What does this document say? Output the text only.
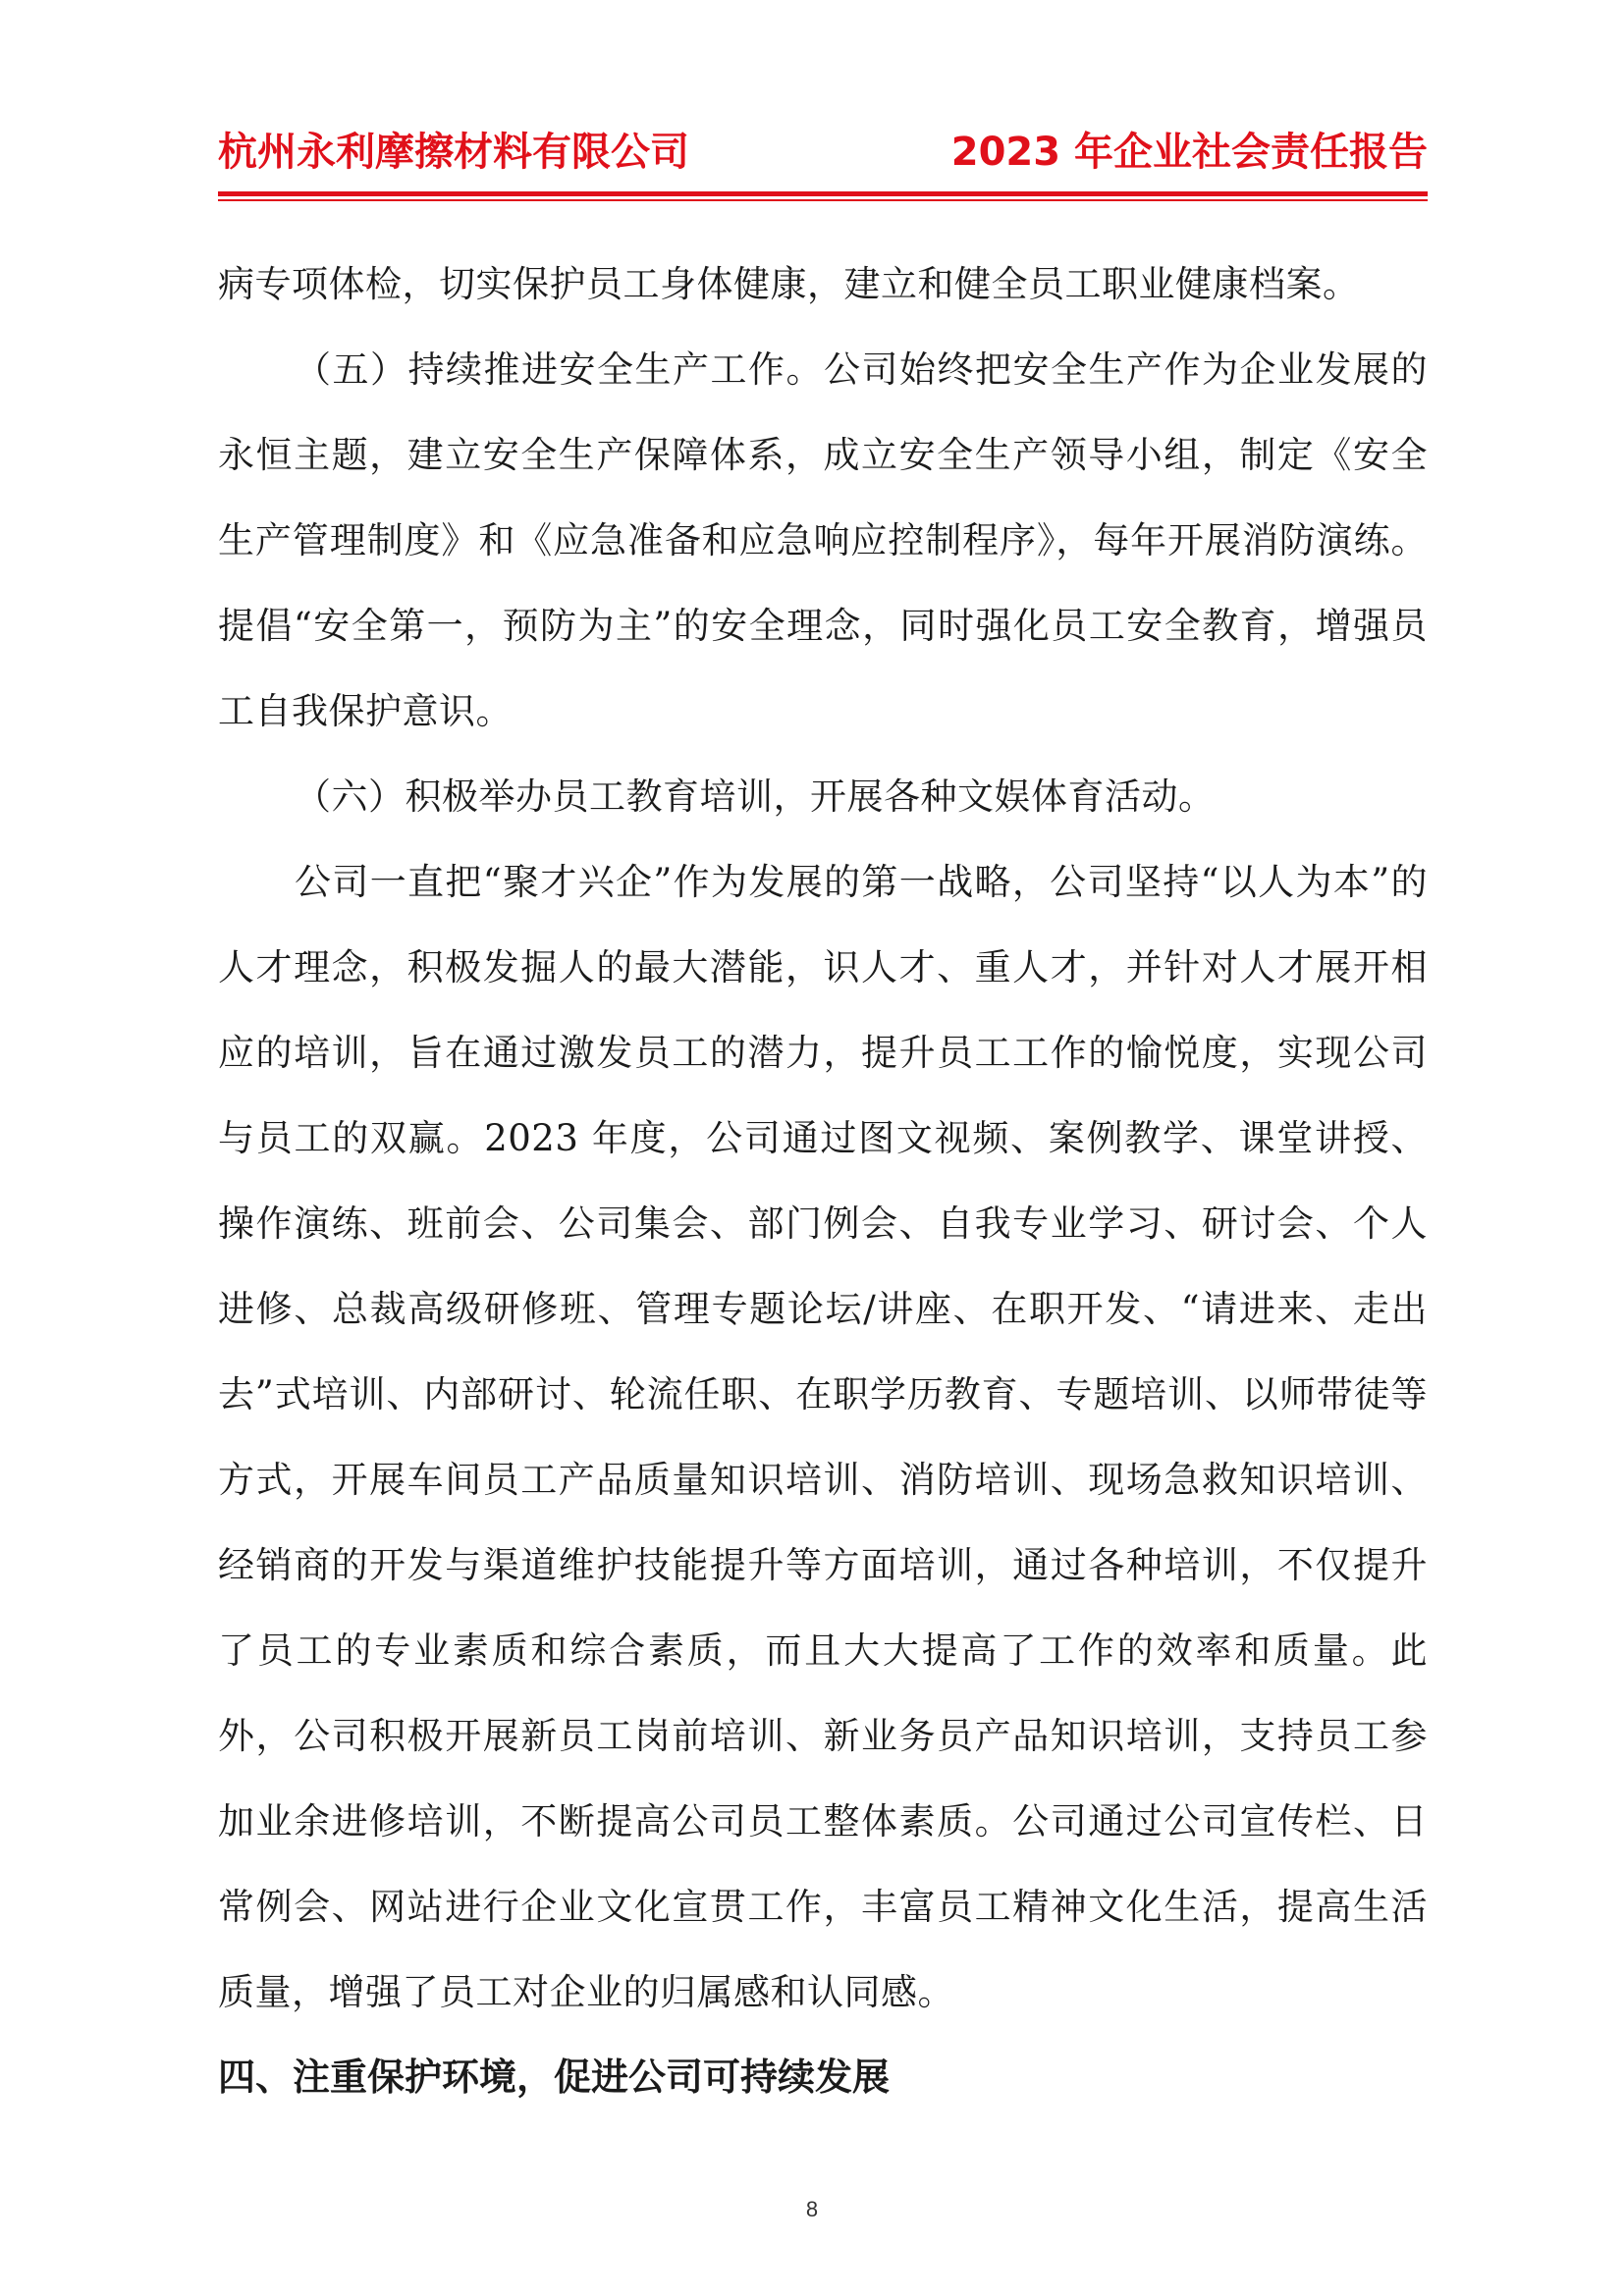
杭州永利摩擦材料有限公司	2023 年企业社会责任报告

病专项体检，切实保护员工身体健康，建立和健全员工职业健康档案。

（五）持续推进安全生产工作。公司始终把安全生产作为企业发展的永恒主题，建立安全生产保障体系，成立安全生产领导小组，制定《安全生产管理制度》和《应急准备和应急响应控制程序》，每年开展消防演练。提倡“安全第一，预防为主”的安全理念，同时强化员工安全教育，增强员工自我保护意识。

（六）积极举办员工教育培训，开展各种文娱体育活动。

公司一直把“聚才兴企”作为发展的第一战略，公司坚持“以人为本”的人才理念，积极发掘人的最大潜能，识人才、重人才，并针对人才展开相应的培训，旨在通过激发员工的潜力，提升员工工作的愉悦度，实现公司与员工的双赢。2023 年度，公司通过图文视频、案例教学、课堂讲授、操作演练、班前会、公司集会、部门例会、自我专业学习、研讨会、个人进修、总裁高级研修班、管理专题论坛/讲座、在职开发、“请进来、走出去”式培训、内部研讨、轮流任职、在职学历教育、专题培训、以师带徒等方式，开展车间员工产品质量知识培训、消防培训、现场急救知识培训、经销商的开发与渠道维护技能提升等方面培训，通过各种培训，不仅提升了员工的专业素质和综合素质，而且大大提高了工作的效率和质量。此外，公司积极开展新员工岗前培训、新业务员产品知识培训，支持员工参加业余进修培训，不断提高公司员工整体素质。公司通过公司宣传栏、日常例会、网站进行企业文化宣贯工作，丰富员工精神文化生活，提高生活质量，增强了员工对企业的归属感和认同感。

四、注重保护环境，促进公司可持续发展

8
